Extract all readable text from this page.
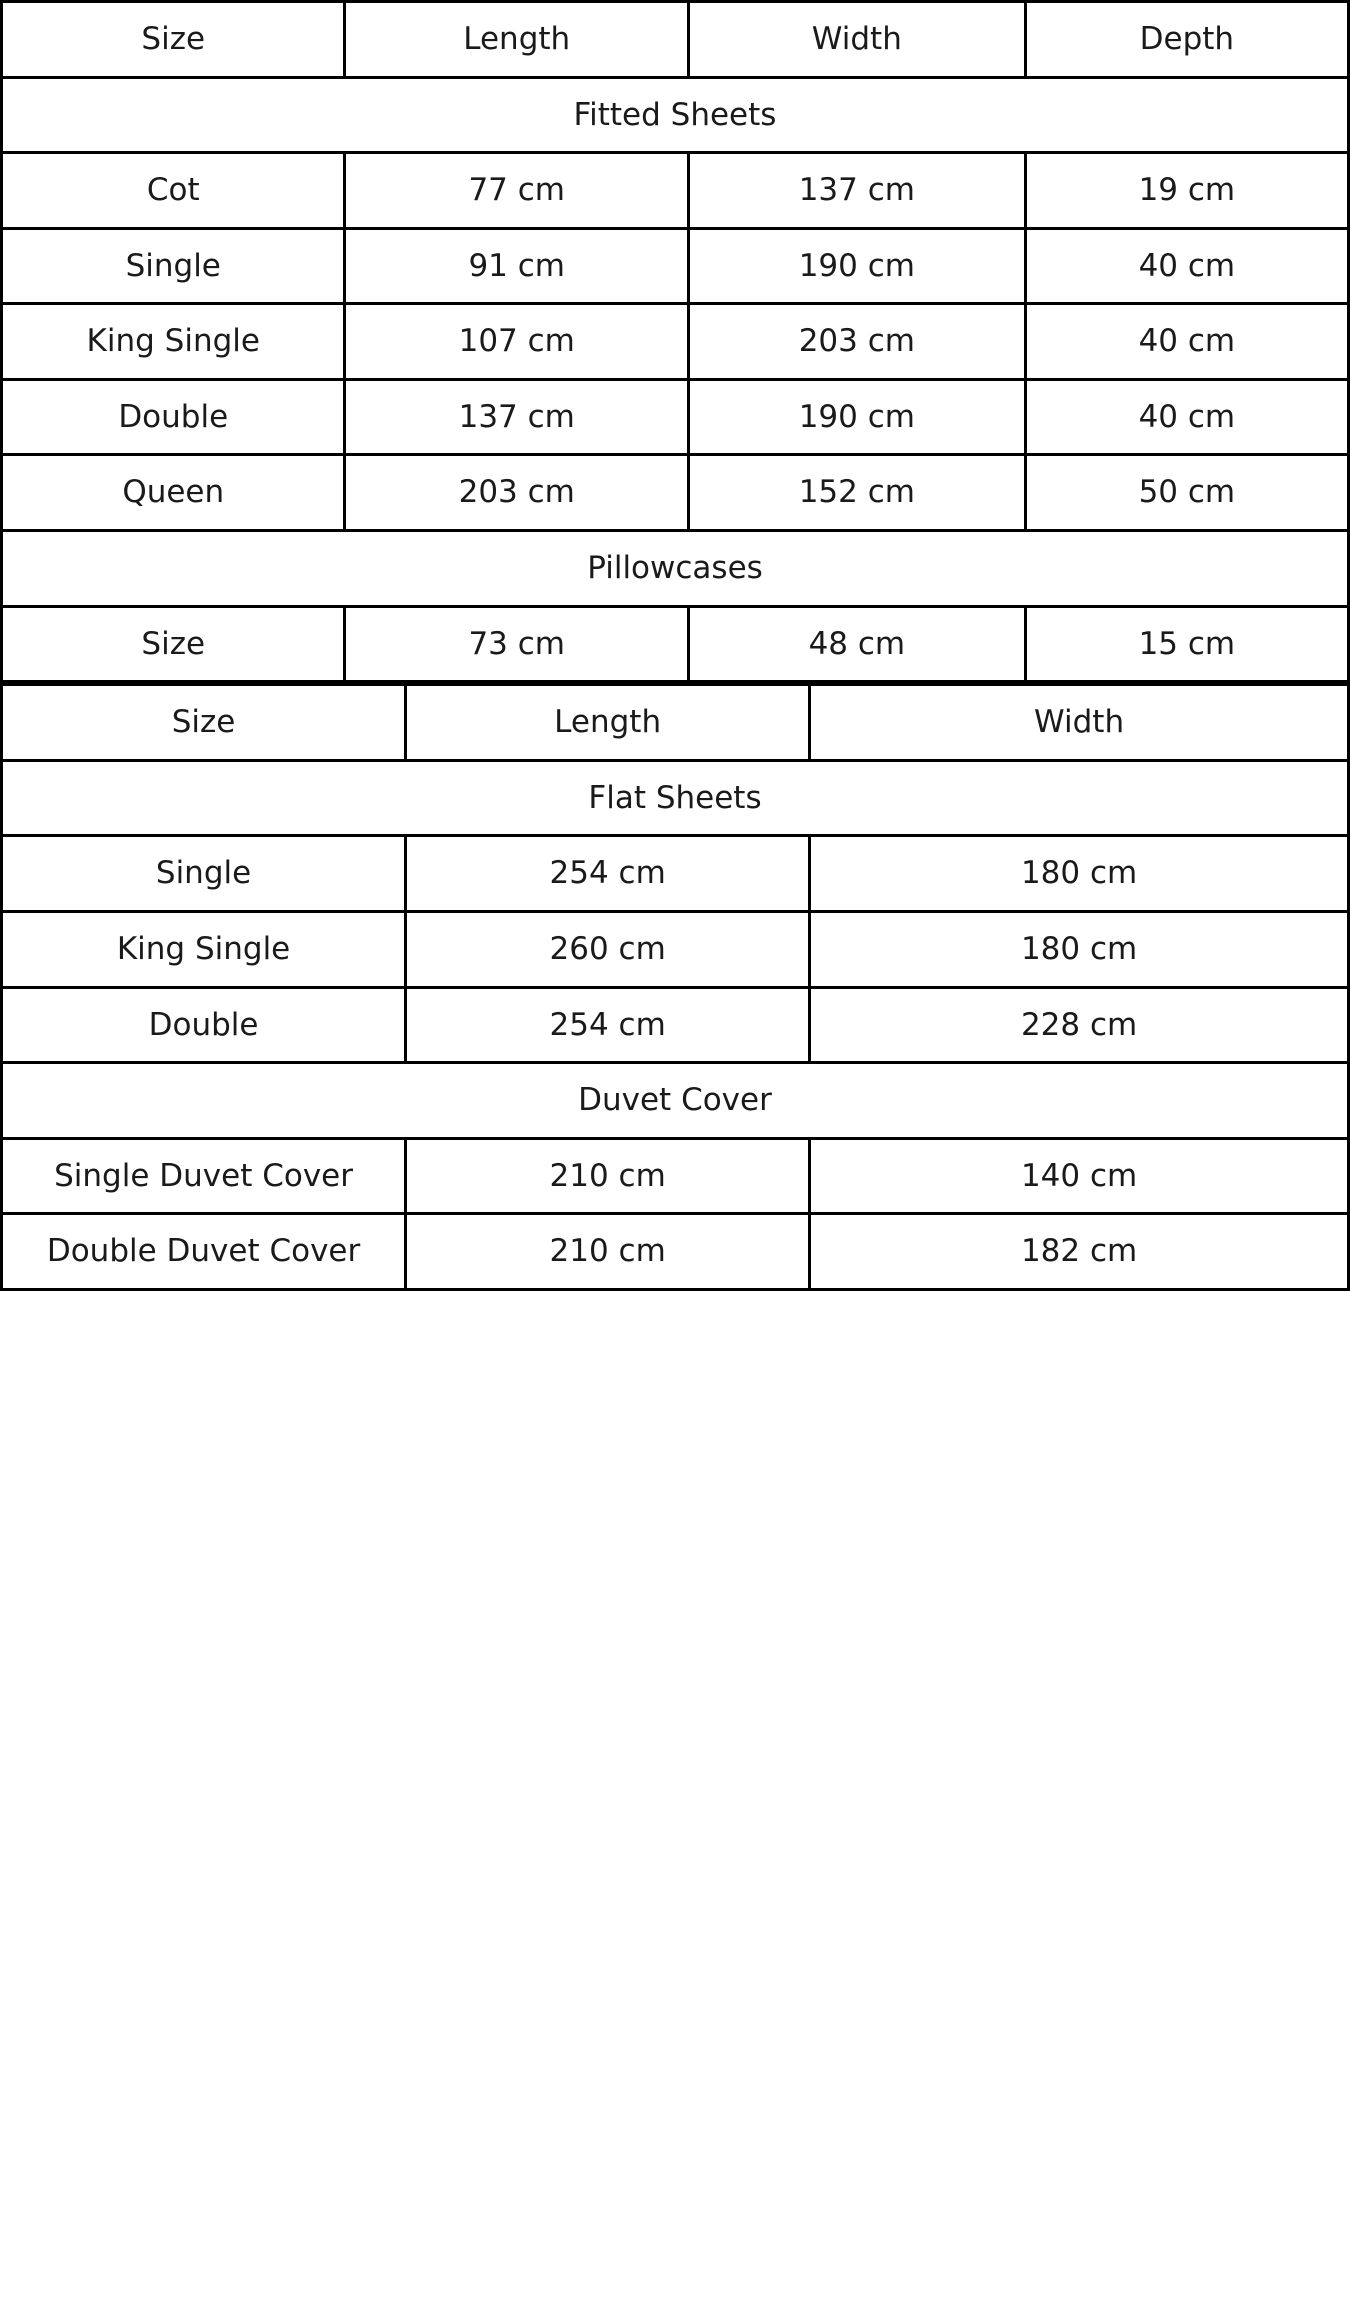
Size	Length	Width	Depth
Fitted Sheets			
Cot	77 cm	137 cm	19 cm
Single	91 cm	190 cm	40 cm
King Single	107 cm	203 cm	40 cm
Double	137 cm	190 cm	40 cm
Queen	203 cm	152 cm	50 cm
Pillowcases			
Size	73 cm	48 cm	15 cm
Size	Length	Width
Flat Sheets		
Single	254 cm	180 cm
King Single	260 cm	180 cm
Double	254 cm	228 cm
Duvet Cover		
Single Duvet Cover	210 cm	140 cm
Double Duvet Cover	210 cm	182 cm
